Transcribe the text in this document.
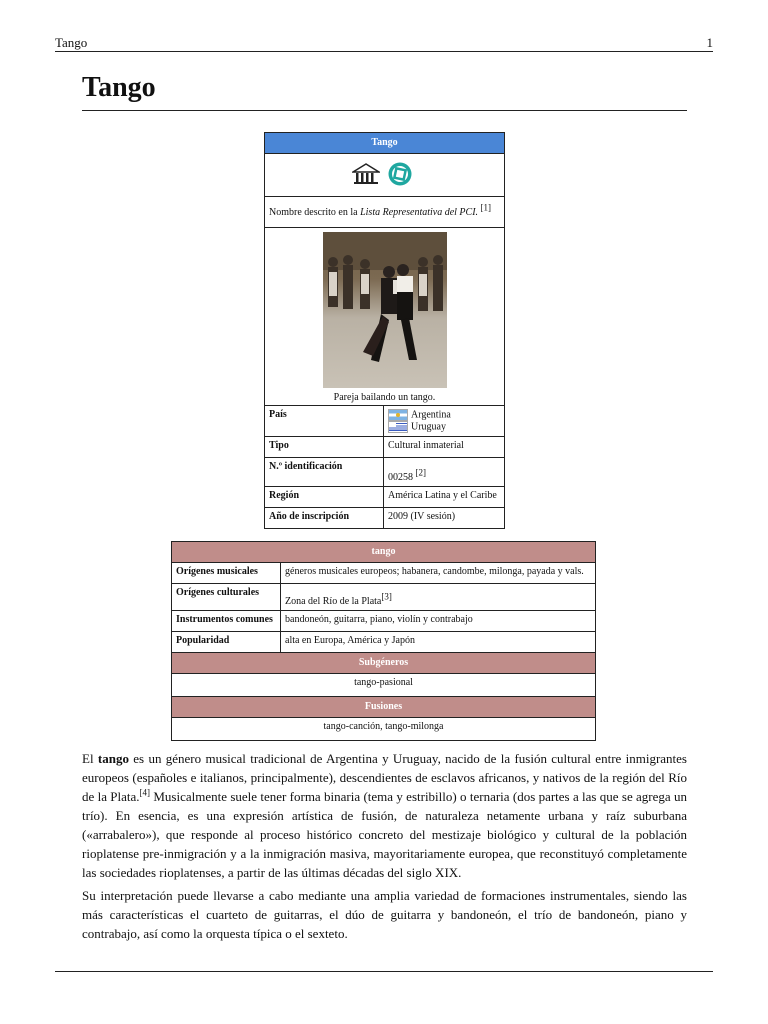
Tango	1
Tango
Tango	

Nombre descrito en la Lista Representativa del PCI. [1]

Pareja bailando un tango.	

País	Argentina
Uruguay

Tipo	Cultural inmaterial
N.º identificación	00258 [2]
Región	América Latina y el Caribe
Año de inscripción	2009 (IV sesión)
tango	
Orígenes musicales	géneros musicales europeos; habanera, candombe, milonga, payada y vals.
Orígenes culturales	Zona del Río de la Plata[3]
Instrumentos comunes	bandoneón, guitarra, piano, violín y contrabajo
Popularidad	alta en Europa, América y Japón
Subgéneros	
tango-pasional	
Fusiones	
tango-canción, tango-milonga	

El tango es un género musical tradicional de Argentina y Uruguay, nacido de la fusión cultural entre inmigrantes europeos (españoles e italianos, principalmente), descendientes de esclavos africanos, y nativos de la región del Río de la Plata.[4] Musicalmente suele tener forma binaria (tema y estribillo) o ternaria (dos partes a las que se agrega un trío). En esencia, es una expresión artística de fusión, de naturaleza netamente urbana y raíz suburbana («arrabalero»), que responde al proceso histórico concreto del mestizaje biológico y cultural de la población rioplatense pre-inmigración y a la inmigración masiva, mayoritariamente europea, que reconstituyó completamente las sociedades rioplatenses, a partir de las últimas décadas del siglo XIX.

Su interpretación puede llevarse a cabo mediante una amplia variedad de formaciones instrumentales, siendo las más características el cuarteto de guitarras, el dúo de guitarra y bandoneón, el trío de bandoneón, piano y contrabajo, así como la orquesta típica o el sexteto.
